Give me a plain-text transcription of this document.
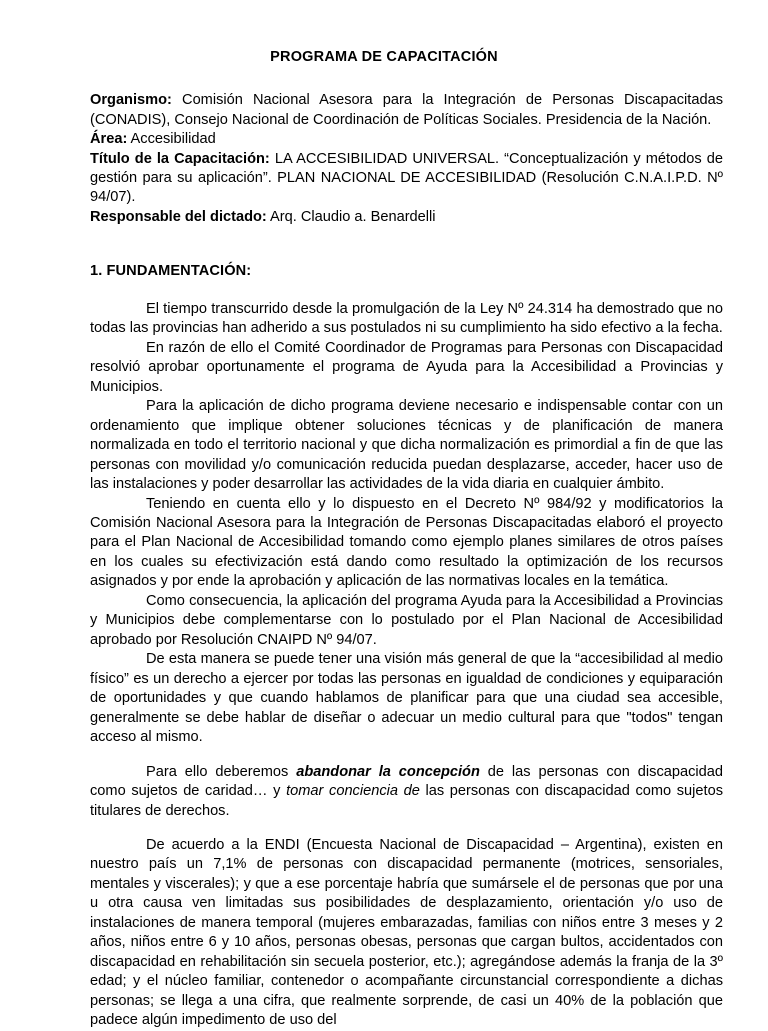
PROGRAMA DE CAPACITACIÓN

Organismo: Comisión Nacional Asesora para la Integración de Personas Discapacitadas (CONADIS), Consejo Nacional de Coordinación de Políticas Sociales. Presidencia de la Nación.

Área: Accesibilidad

Título de la Capacitación: LA ACCESIBILIDAD UNIVERSAL. “Conceptualización y métodos de gestión para su aplicación”. PLAN NACIONAL DE ACCESIBILIDAD (Resolución C.N.A.I.P.D. Nº 94/07).

Responsable del dictado: Arq. Claudio a. Benardelli

1. FUNDAMENTACIÓN:

El tiempo transcurrido desde la promulgación de la Ley Nº 24.314 ha demostrado que no todas las provincias han adherido a sus postulados ni su cumplimiento ha sido efectivo a la fecha.

En razón de ello el Comité Coordinador de Programas para Personas con Discapacidad resolvió aprobar oportunamente el programa de Ayuda para la Accesibilidad a Provincias y Municipios.

Para la aplicación de dicho programa deviene necesario e indispensable contar con un ordenamiento que implique obtener soluciones técnicas y de planificación de manera normalizada en todo el territorio nacional y que dicha normalización es primordial a fin de que las personas con movilidad y/o comunicación reducida puedan desplazarse, acceder, hacer uso de las instalaciones y poder desarrollar las actividades de la vida diaria en cualquier ámbito.

Teniendo en cuenta ello y lo dispuesto en el Decreto Nº 984/92 y modificatorios la Comisión Nacional Asesora para la Integración de Personas Discapacitadas elaboró el proyecto para el Plan Nacional de Accesibilidad tomando como ejemplo planes similares de otros países en los cuales su efectivización está dando como resultado la optimización de los recursos asignados y por ende la aprobación y aplicación de las normativas locales en la temática.

Como consecuencia, la aplicación del programa Ayuda para la Accesibilidad a Provincias y Municipios debe complementarse con lo postulado por el Plan Nacional de Accesibilidad aprobado por Resolución CNAIPD Nº 94/07.

De esta manera se puede tener una visión más general de que la “accesibilidad al medio físico” es un derecho a ejercer por todas las personas en igualdad de condiciones y equiparación de oportunidades y que cuando hablamos de planificar para que una ciudad sea accesible, generalmente se debe hablar de diseñar o adecuar un medio cultural para que "todos" tengan acceso al mismo.

Para ello deberemos abandonar la concepción de las personas con discapacidad como sujetos de caridad… y tomar conciencia de las personas con discapacidad como sujetos titulares de derechos.

De acuerdo a la ENDI (Encuesta Nacional de Discapacidad – Argentina), existen en nuestro país un 7,1% de personas con discapacidad permanente (motrices, sensoriales, mentales y viscerales); y que a ese porcentaje habría que sumársele el de personas que por una u otra causa ven limitadas sus posibilidades de desplazamiento, orientación y/o uso de instalaciones de manera temporal (mujeres embarazadas, familias con niños entre 3 meses y 2 años, niños entre 6 y 10 años, personas obesas, personas que cargan bultos, accidentados con discapacidad en rehabilitación sin secuela posterior, etc.); agregándose además la franja de la 3º edad; y el núcleo familiar, contenedor o acompañante circunstancial correspondiente a dichas personas; se llega a una cifra, que realmente sorprende, de casi un 40% de la población que padece algún impedimento de uso del
